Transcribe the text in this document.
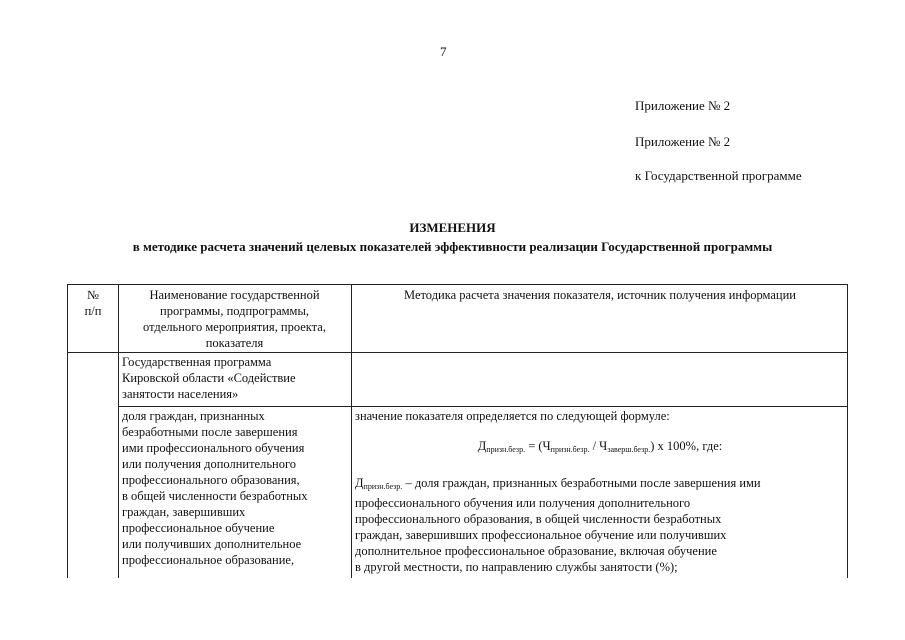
7
Приложение № 2
Приложение № 2
к Государственной программе
ИЗМЕНЕНИЯ
в методике расчета значений целевых показателей эффективности реализации Государственной программы
№
п/п
Наименование государственной
программы, подпрограммы,
отдельного мероприятия, проекта,
показателя
Методика расчета значения показателя, источник получения информации
Государственная программа
Кировской области «Содействие
занятости населения»
доля граждан, признанных
безработными после завершения
ими профессионального обучения
или получения дополнительного
профессионального образования,
в общей численности безработных
граждан, завершивших
профессиональное обучение
или получивших дополнительное
профессиональное образование,
значение показателя определяется по следующей формуле:
$Д_{призн.безр.} = (Ч_{призн.безр.} / Ч_{заверш.безр.})$ x 100%, где:
$Д_{призн.безр.}$ – доля граждан, признанных безработными после завершения ими
профессионального обучения или получения дополнительного
профессионального образования, в общей численности безработных
граждан, завершивших профессиональное обучение или получивших
дополнительное профессиональное образование, включая обучение
в другой местности, по направлению службы занятости (%);
